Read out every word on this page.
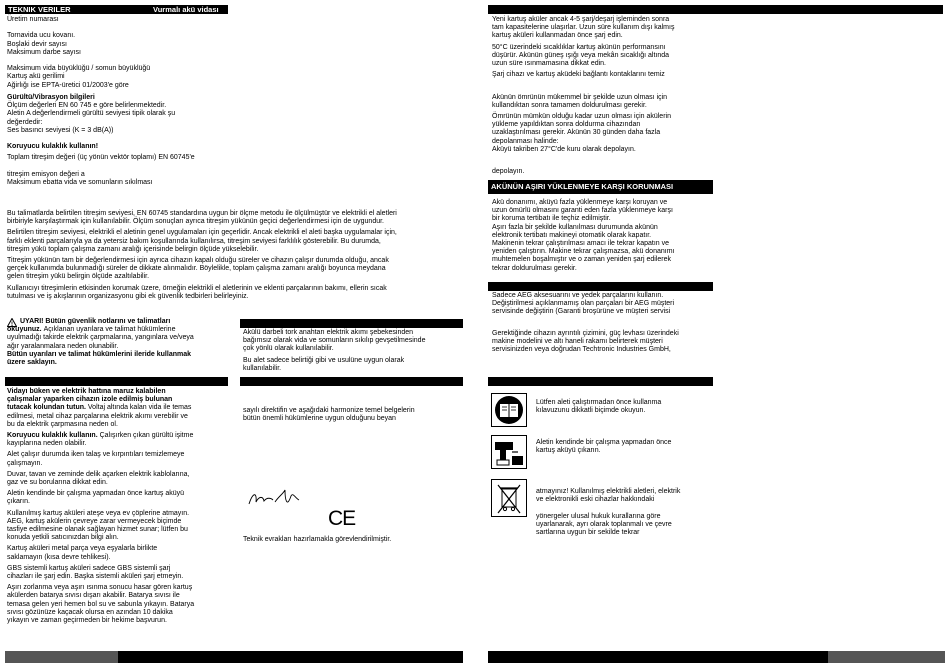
TEKNIK VERILER	Vurmalı akü vidası
Üretim numarası

Tornavida ucu kovanı.
Boşlaki devir sayısı
Maksimum darbe sayısı

Maksimum vida büyüklüğü / somun büyüklüğü
Kartuş akü gerilimi
Ağirlığı ise EPTA-üretici 01/2003'e göre

Gürültü/Vibrasyon bilgileri

Ölçüm değerleri EN 60 745 e göre belirlenmektedir.
Aletin A değerlendirmeli gürültü seviyesi tipik olarak şu
değerdedir:
Ses basıncı seviyesi (K = 3 dB(A))

Koruyucu kulaklık kullanın!

Toplam titreşim değeri (üç yönün vektör toplamı) EN 60745'e

titreşim emisyon değeri a
Maksimum ebatta vida ve somunların sıkılması
Bu talimatlarda belirtilen titreşim seviyesi, EN 60745 standardına uygun bir ölçme metodu ile ölçülmüştür ve elektrikli el aletleri
birbiriyle karşılaştırmak için kullanılabilir. Ölçüm sonuçları ayrıca titreşim yükünün geçici değerlendirmesi için de uygundur.
Belirtilen titreşim seviyesi, elektrikli el aletinin genel uygulamaları için geçerlidir. Ancak elektrikli el aleti başka uygulamalar için,
farklı eklenti parçalarıyla ya da yetersiz bakım koşullarında kullanılırsa, titreşim seviyesi farklılık gösterebilir. Bu durumda,
titreşim yükü toplam çalışma zamanı aralığı içerisinde belirgin ölçüde yükselebilir.
Titreşim yükünün tam bir değerlendirmesi için ayrıca cihazın kapalı olduğu süreler ve cihazın çalışır durumda olduğu, ancak
gerçek kullanımda bulunmadığı süreler de dikkate alınmalıdır. Böylelikle, toplam çalışma zamanı aralığı boyunca meydana
gelen titreşim yükü belirgin ölçüde azaltılabilir.
Kullanıcıyı titreşimlerin etkisinden korumak üzere, örneğin elektrikli el aletlerinin ve eklenti parçalarının bakımı, ellerin sıcak
tutulması ve iş akışlarının organizasyonu gibi ek güvenlik tedbirleri belirleyiniz.
! UYARI! Bütün güvenlik notlarını ve talimatları
okuyunuz. Açıklanan uyarılara ve talimat hükümlerine
uyulmadığı takirde elektrik çarpmalarına, yangınlara ve/veya
ağır yaralanmalara neden olunabilir.
Bütün uyarıları ve talimat hükümlerini ileride kullanmak
üzere saklayın.
Vidayı büken ve elektrik hattına maruz kalabilen
çalışmalar yaparken cihazın izole edilmiş bulunan
tutacak kolundan tutun. Voltaj altında kalan vida ile temas
edilmesi, metal cihaz parçalarına elektrik akımı verebilir ve
bu da elektrik çarpmasına neden ol.
Koruyucu kulaklık kullanın. Çalışırken çıkan gürültü işitme
kayıplarına neden olabilir.
Alet çalışır durumda iken talaş ve kırpıntıları temizlemeye
çalışmayın.
Duvar, tavan ve zeminde delik açarken elektrik kablolarına,
gaz ve su borularına dikkat edin.
Aletin kendinde bir çalışma yapmadan önce kartuş aküyü
çıkarın.
Kullanılmış kartuş aküleri ateşe veya ev çöplerine atmayın.
AEG, kartuş akülerin çevreye zarar vermeyecek biçimde
tasfiye edilmesine olanak sağlayan hizmet sunar; lütfen bu
konuda yetkili satıcınızdan bilgi alın.
Kartuş aküleri metal parça veya eşyalarla birlikte
saklamayın (kısa devre tehlikesi).
GBS sistemli kartuş aküleri sadece GBS sistemli şarj
cihazları ile şarj edin. Başka sistemli aküleri şarj etmeyin.
Aşırı zorlanma veya aşırı ısınma sonucu hasar gören kartuş
akülerden batarya sıvısı dışarı akabilir. Batarya sıvısı ile
temasa gelen yeri hemen bol su ve sabunla yıkayın. Batarya
sıvısı gözünüze kaçacak olursa en azından 10 dakika
yıkayın ve zaman geçirmeden bir hekime başvurun.
Akülü darbeli tork anahtarı elektrik akımı şebekesinden
bağımsız olarak vida ve somunların sıkılıp gevşetilmesinde
çok yönlü olarak kullanılabilir.
Bu alet sadece belirtiği gibi ve usulüne uygun olarak
kullanılabilir.
sayılı direktifin ve aşağıdaki harmonize temel belgelerin
bütün önemli hükümlerine uygun olduğunu beyan
CE

Teknik evrakları hazırlamakla görevlendirilmiştir.

Yeni kartuş aküler ancak 4-5 şarj/deşarj işleminden sonra
tam kapasitelerine ulaşırlar. Uzun süre kullanım dışı kalmış
kartuş aküleri kullanmadan önce şarj edin.
50°C üzerindeki sıcaklıklar kartuş akünün performansını
düşürür. Akünün güneş ışığı veya mekân sıcaklığı altında
uzun süre ısınmamasına dikkat edin.
Şarj cihazı ve kartuş aküdeki bağlantı kontaklarını temiz

Akünün ömrünün mükemmel bir şekilde uzun olması için
kullandıktan sonra tamamen doldurulması gerekir.
Ömrünün mümkün olduğu kadar uzun olması için akülerin
yükleme yapıldıktan sonra doldurma cihazından
uzaklaştırılması gerekir. Akünün 30 günden daha fazla
depolanması halinde:
Aküyü takriben 27°C'de kuru olarak depolayın.

depolayın.
AKÜNÜN AŞIRI YÜKLENMEYE KARŞI KORUNMASI
Akü donanımı, aküyü fazla yüklenmeye karşı koruyan ve
uzun ömürlü olmasını garanti eden fazla yüklenmeye karşı
bir koruma tertibatı ile teçhiz edilmiştir.
Aşırı fazla bir şekilde kullanılması durumunda akünün
elektronik tertibatı makineyi otomatik olarak kapatır.
Makinenin tekrar çalıştırılması amacı ile tekrar kapatın ve
yeniden çalıştırın. Makine tekrar çalışmazsa, akü donanımı
muhtemelen boşalmıştır ve o zaman yeniden şarj edilerek
tekrar doldurulması gerekir.
Sadece AEG aksesuarını ve yedek parçalarını kullanın.
Değiştirilmesi açıklanmamış olan parçaları bir AEG müşteri
servisinde değiştirin (Garanti broşürüne ve müşteri servisi
Gerektiğinde cihazın ayrıntılı çizimini, güç levhası üzerindeki
makine modelini ve altı haneli rakamı belirterek müşteri
servisinizden veya doğrudan Techtronic Industries GmbH,
Lütfen aleti çalıştırmadan önce kullanma
kılavuzunu dikkatli biçimde okuyun.
Aletin kendinde bir çalışma yapmadan önce
kartuş aküyü çıkarın.
atmayınız! Kullanılmış elektrikli aletleri, elektrik
ve elektronikli eski cihazlar hakkındaki

yönergeler ulusal hukuk kurallarına göre
uyarlanarak, ayrı olarak toplanmalı ve çevre
sartlarına uygun bir sekilde tekrar
